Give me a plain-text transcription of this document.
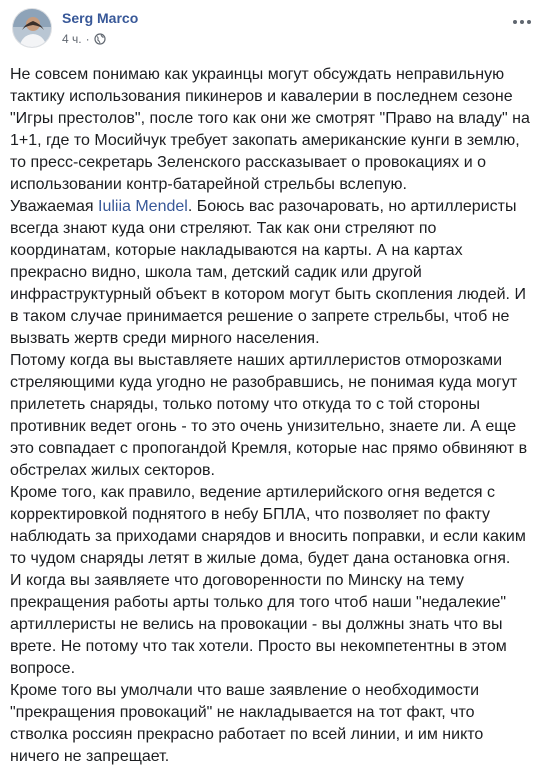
Serg Marco
4 ч. ·

Не совсем понимаю как украинцы могут обсуждать неправильную тактику использования пикинеров и кавалерии в последнем сезоне "Игры престолов", после того как они же смотрят "Право на владу" на 1+1, где то Мосийчук требует закопать американские кунги в землю, то пресс-секретарь Зеленского рассказывает о провокациях и о использовании контр-батарейной стрельбы вслепую.

Уважаемая Iuliia Mendel. Боюсь вас разочаровать, но артиллеристы всегда знают куда они стреляют. Так как они стреляют по координатам, которые накладываются на карты. А на картах прекрасно видно, школа там, детский садик или другой инфраструктурный объект в котором могут быть скопления людей. И в таком случае принимается решение о запрете стрельбы, чтоб не вызвать жертв среди мирного населения.

Потому когда вы выставляете наших артиллеристов отморозками стреляющими куда угодно не разобравшись, не понимая куда могут прилететь снаряды, только потому что откуда то с той стороны противник ведет огонь - то это очень унизительно, знаете ли. А еще это совпадает с пропогандой Кремля, которые нас прямо обвиняют в обстрелах жилых секторов.

Кроме того, как правило, ведение артилерийского огня ведется с корректировкой поднятого в небу БПЛА, что позволяет по факту наблюдать за приходами снарядов и вносить поправки, и если каким то чудом снаряды летят в жилые дома, будет дана остановка огня.

И когда вы заявляете что договоренности по Минску на тему прекращения работы арты только для того чтоб наши "недалекие" артиллеристы не велись на провокации - вы должны знать что вы врете. Не потому что так хотели. Просто вы некомпетентны в этом вопросе.

Кроме того вы умолчали что ваше заявление о необходимости "прекращения провокаций" не накладывается на тот факт, что стволка россиян прекрасно работает по всей линии, и им никто ничего не запрещает.
